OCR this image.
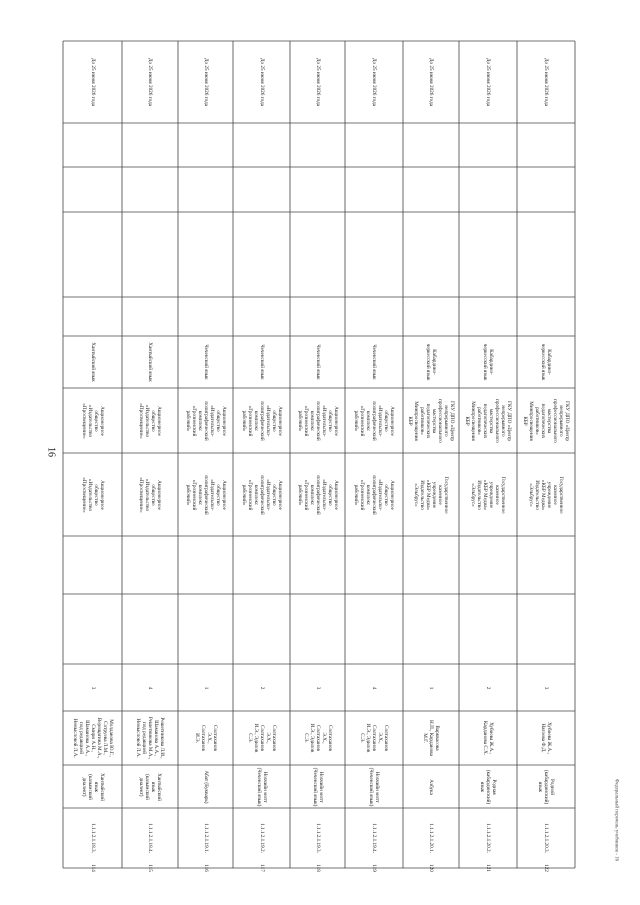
16
Федеральный перечень учебников - 16
До 25 июня 2026 года
Хантыйский язык
Акционерное
общество
«Издательство
«Просвещение»
Акционерное
общество
«Издательство
«Просвещение»
3
Молданова Ю.Г.,
Сотруева Л.М.,
Верещагина М.А.,
Смирн А.Н.,
Шаманова А.А.,
под редакцией
Немысловой Л.А.
Хантыйский язык
(казымский
диалект)
1.1.1.2.1.18.3.
114
До 25 июня 2026 года
Хантыйский язык
Акционерное
общество
«Издательство
«Просвещение»
Акционерное
общество
«Издательство
«Просвещение»
4
Решетникова Л.И.,
Шаманова А.А.,
Решетникова М.А.,
под редакцией
Немысловой Л.А.
Хантыйский язык
(казымский
диалект)
1.1.1.2.1.18.4.
115
До 25 июня 2026 года
Чеченский язык
Акционерное
общество
«Издательско-
полиграфический
комплекс
«Грозненский
рабочий»
Акционерное
общество
«Издательско-
полиграфический
комплекс
«Грозненский
рабочий»
1
Солтаханов
Э.Х.,
Солтаханов
И.Э.
Абат (Букварь)
1.1.1.2.1.19.1.
116
До 25 июня 2026 года
Чеченский язык
Акционерное
общество
«Издательско-
полиграфический
комплекс
«Грозненский
рабочий»
Акционерное
общество
«Издательско-
полиграфический
комплекс
«Грозненский
рабочий»
2
Солтаханов
Э.Х.,
Солтаханов
И.Э., Эдилов
С.Э.
Нохчийн мотт
(Чеченский язык)
1.1.1.2.1.19.2.
117
До 25 июня 2026 года
Чеченский язык
Акционерное
общество
«Издательско-
полиграфический
комплекс
«Грозненский
рабочий»
Акционерное
общество
«Издательско-
полиграфический
комплекс
«Грозненский
рабочий»
3
Солтаханов
Э.Х.,
Солтаханов
И.Э., Эдилов
С.Э.
Нохчийн мотт
(Чеченский язык)
1.1.1.2.1.19.3.
118
До 25 июня 2026 года
Чеченский язык
Акционерное
общество
«Издательско-
полиграфический
комплекс
«Грозненский
рабочий»
Акционерное
общество
«Издательско-
полиграфический
комплекс
«Грозненский
рабочий»
4
Солтаханов
Э.Х.,
Солтаханов
И.Э., Эдилов
С.Э.
Нохчийн мотт
(Чеченский язык)
1.1.1.2.1.19.4.
119
До 25 июня 2026 года
Кабардино-
черкесский язык
ГКУ ДПО «Центр
непрерывного
профессионального
мастерства
педагогических
работников»
Минпросвещения
КБР
Государственное
казенное
учреждение
«КБР Медиа»
Издательство
«Эльбрус»
1
Варквасова
Н.П., Карданова
М.Г.
Азбука
1.1.1.2.1.20.1.
120
До 25 июня 2026 года
Кабардино-
черкесский язык
ГКУ ДПО «Центр
непрерывного
профессионального
мастерства
педагогических
работников»
Минпросвещения
КБР
Государственное
казенное
учреждение
«КБР Медиа»
Издательство
«Эльбрус»
2
Хубиева Ж.А.,
Карданова С.Х.
Родная (кабардинский)
язык
1.1.1.2.1.20.2.
121
До 25 июня 2026 года
Кабардино-
черкесский язык
ГКУ ДПО «Центр
непрерывного
профессионального
мастерства
педагогических
работников»
Минпросвещения
КБР
Государственное
казенное
учреждение
«КБР Медиа»
Издательство
«Эльбрус»
3
Хубиева Ж.А.,
Нагоева Ф.Д.
Родной (кабардинский)
язык
1.1.1.2.1.20.3.
122
